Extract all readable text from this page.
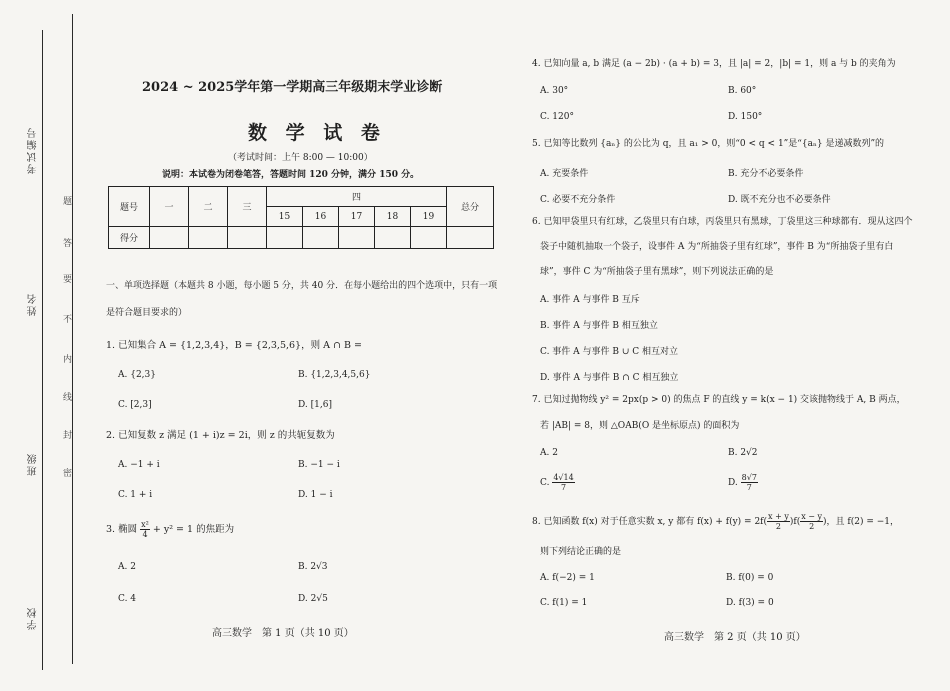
考试编号
姓名
班级
学校
题
答
要
不
内
线
封
密
2024 ~ 2025学年第一学期高三年级期末学业诊断
数 学 试 卷
（考试时间：上午 8:00 — 10:00）
说明：本试卷为闭卷笔答，答题时间 120 分钟，满分 150 分。
题号	一	二	三	四					总分
				15	16	17	18	19	
得分									
一、单项选择题（本题共 8 小题，每小题 5 分，共 40 分．在每小题给出的四个选项中，只有一项
是符合题目要求的）
1. 已知集合 A = {1,2,3,4}，B = {2,3,5,6}，则 A ∩ B =
A. {2,3}	B. {1,2,3,4,5,6}
C. [2,3]	D. [1,6]
2. 已知复数 z 满足 (1 + i)z = 2i，则 z 的共轭复数为
A. −1 + i	B. −1 − i
C. 1 + i	D. 1 − i
3. 椭圆 $\frac{\text{x²}}{4} + y^2 = 1$ 的焦距为
A. 2	B. 2√3
C. 4	D. 2√5
高三数学　第 1 页（共 10 页）
4. 已知向量 a, b 满足 (a − 2b) · (a + b) = 3，且 |a| = 2，|b| = 1，则 a 与 b 的夹角为
A. 30°	B. 60°
C. 120°	D. 150°
5. 已知等比数列 {aₙ} 的公比为 q，且 a₁ > 0，则“0 < q < 1”是“{aₙ} 是递减数列”的
A. 充要条件	B. 充分不必要条件
C. 必要不充分条件	D. 既不充分也不必要条件
6. 已知甲袋里只有红球，乙袋里只有白球，丙袋里只有黑球，丁袋里这三种球都有．现从这四个
袋子中随机抽取一个袋子，设事件 A 为“所抽袋子里有红球”，事件 B 为“所抽袋子里有白
球”，事件 C 为“所抽袋子里有黑球”，则下列说法正确的是
A. 事件 A 与事件 B 互斥
B. 事件 A 与事件 B 相互独立
C. 事件 A 与事件 B ∪ C 相互对立
D. 事件 A 与事件 B ∩ C 相互独立
7. 已知过抛物线 y² = 2px(p > 0) 的焦点 F 的直线 y = k(x − 1) 交该抛物线于 A, B 两点，
若 |AB| = 8，则 △OAB(O 是坐标原点) 的面积为
A. 2	B. 2√2
C. $\frac{4√14}{7}$	D. $\frac{8√7}{7}$
8. 已知函数 f(x) 对于任意实数 x, y 都有 $f(x) + f(y) = 2f( \frac{x + y}{2} )f( \frac{x - y}{2}$ )，且 f(2) = −1，
则下列结论正确的是
A. f(−2) = 1	B. f(0) = 0
C. f(1) = 1	D. f(3) = 0
高三数学　第 2 页（共 10 页）
